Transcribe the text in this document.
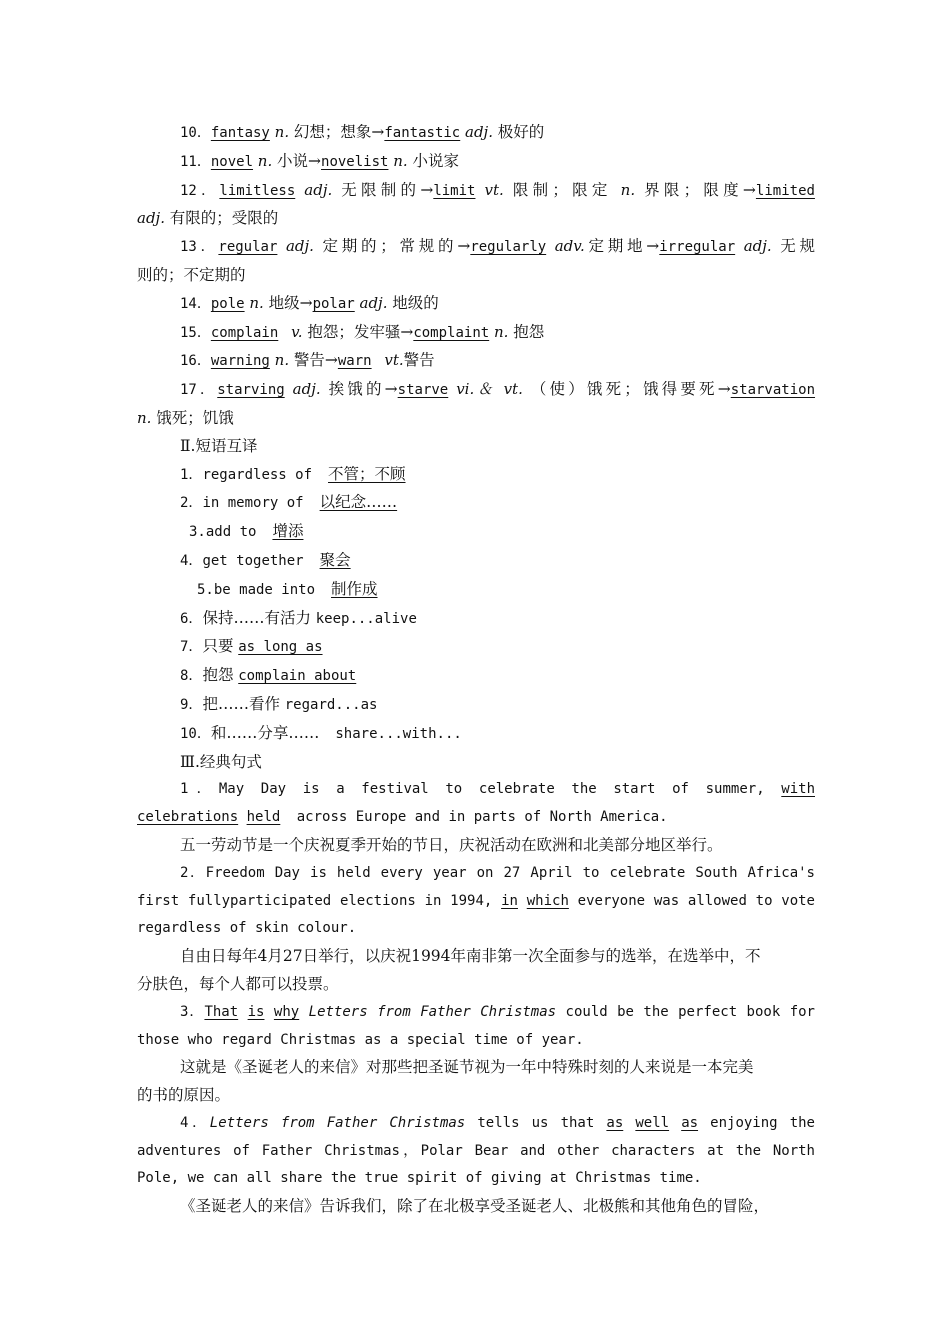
10．fantasy n. 幻想；想象→fantastic adj. 极好的
11．novel n. 小说→novelist n. 小说家
12．limitless adj. 无限制的→limit vt. 限制；限定 n. 界限；限度→limited
adj. 有限的；受限的
13．regular adj. 定期的；常规的→regularly adv.定期地→irregular adj. 无规
则的；不定期的
14．pole n. 地级→polar adj. 地级的
15．complain v. 抱怨；发牢骚→complaint n. 抱怨
16．warning n. 警告→warn vt.警告
17．starving adj. 挨饿的→starve vi.＆ vt. （使）饿死；饿得要死→starvation
n. 饿死；饥饿
Ⅱ.短语互译
1．regardless of 不管；不顾
2．in memory of 以纪念……
3.add to 增添
4．get together 聚会
5.be made into 制作成
6．保持……有活力 keep...alive
7．只要 as long as
8．抱怨 complain about
9．把……看作 regard...as
10．和……分享…… share...with...
Ⅲ.经典句式
1．May Day is a festival to celebrate the start of summer, with
celebrations held across Europe and in parts of North America.
五一劳动节是一个庆祝夏季开始的节日，庆祝活动在欧洲和北美部分地区举行。
2．Freedom Day is held every year on 27 April to celebrate South Africa's
first fullyparticipated elections in 1994, in which everyone was allowed to vote
regardless of skin colour.
自由日每年4月27日举行，以庆祝1994年南非第一次全面参与的选举，在选举中，不
分肤色，每个人都可以投票。
3．That is why Letters from Father Christmas could be the perfect book for
those who regard Christmas as a special time of year.
这就是《圣诞老人的来信》对那些把圣诞节视为一年中特殊时刻的人来说是一本完美
的书的原因。
4．Letters from Father Christmas tells us that as well as enjoying the
adventures of Father Christmas，Polar Bear and other characters at the North
Pole, we can all share the true spirit of giving at Christmas time.
《圣诞老人的来信》告诉我们，除了在北极享受圣诞老人、北极熊和其他角色的冒险，
